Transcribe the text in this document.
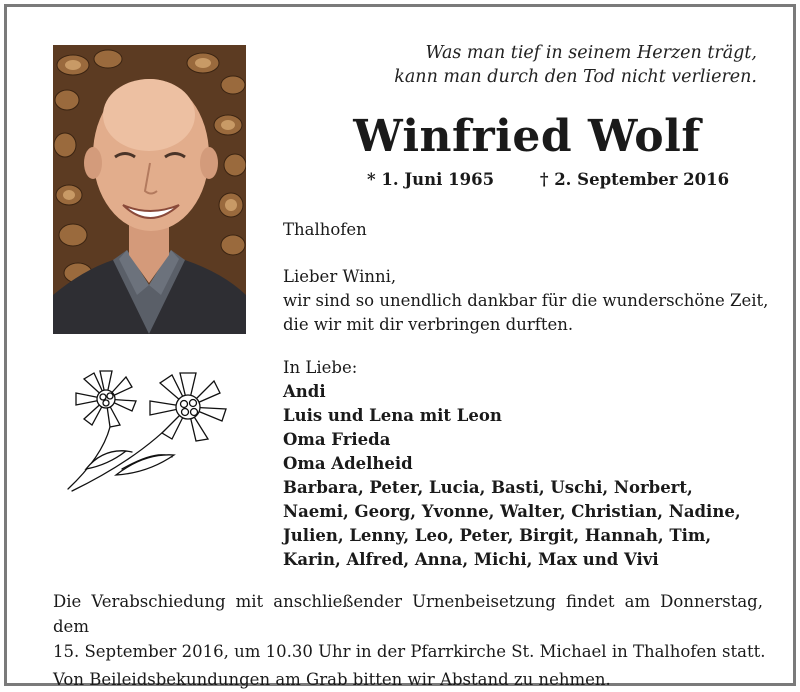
Was man tief in seinem Herzen trägt,
kann man durch den Tod nicht verlieren.
Winfried Wolf
* 1. Juni 1965	† 2. September 2016
Thalhofen
Lieber Winni,
wir sind so unendlich dankbar für die wunderschöne Zeit,
die wir mit dir verbringen durften.
In Liebe:
Andi
Luis und Lena mit Leon
Oma Frieda
Oma Adelheid
Barbara, Peter, Lucia, Basti, Uschi, Norbert,
Naemi, Georg, Yvonne, Walter, Christian, Nadine,
Julien, Lenny, Leo, Peter, Birgit, Hannah, Tim,
Karin, Alfred, Anna, Michi, Max und Vivi
Die Verabschiedung mit anschließender Urnenbeisetzung findet am Donnerstag, dem
15. September 2016, um 10.30 Uhr in der Pfarrkirche St. Michael in Thalhofen statt.
Von Beileidsbekundungen am Grab bitten wir Abstand zu nehmen.
